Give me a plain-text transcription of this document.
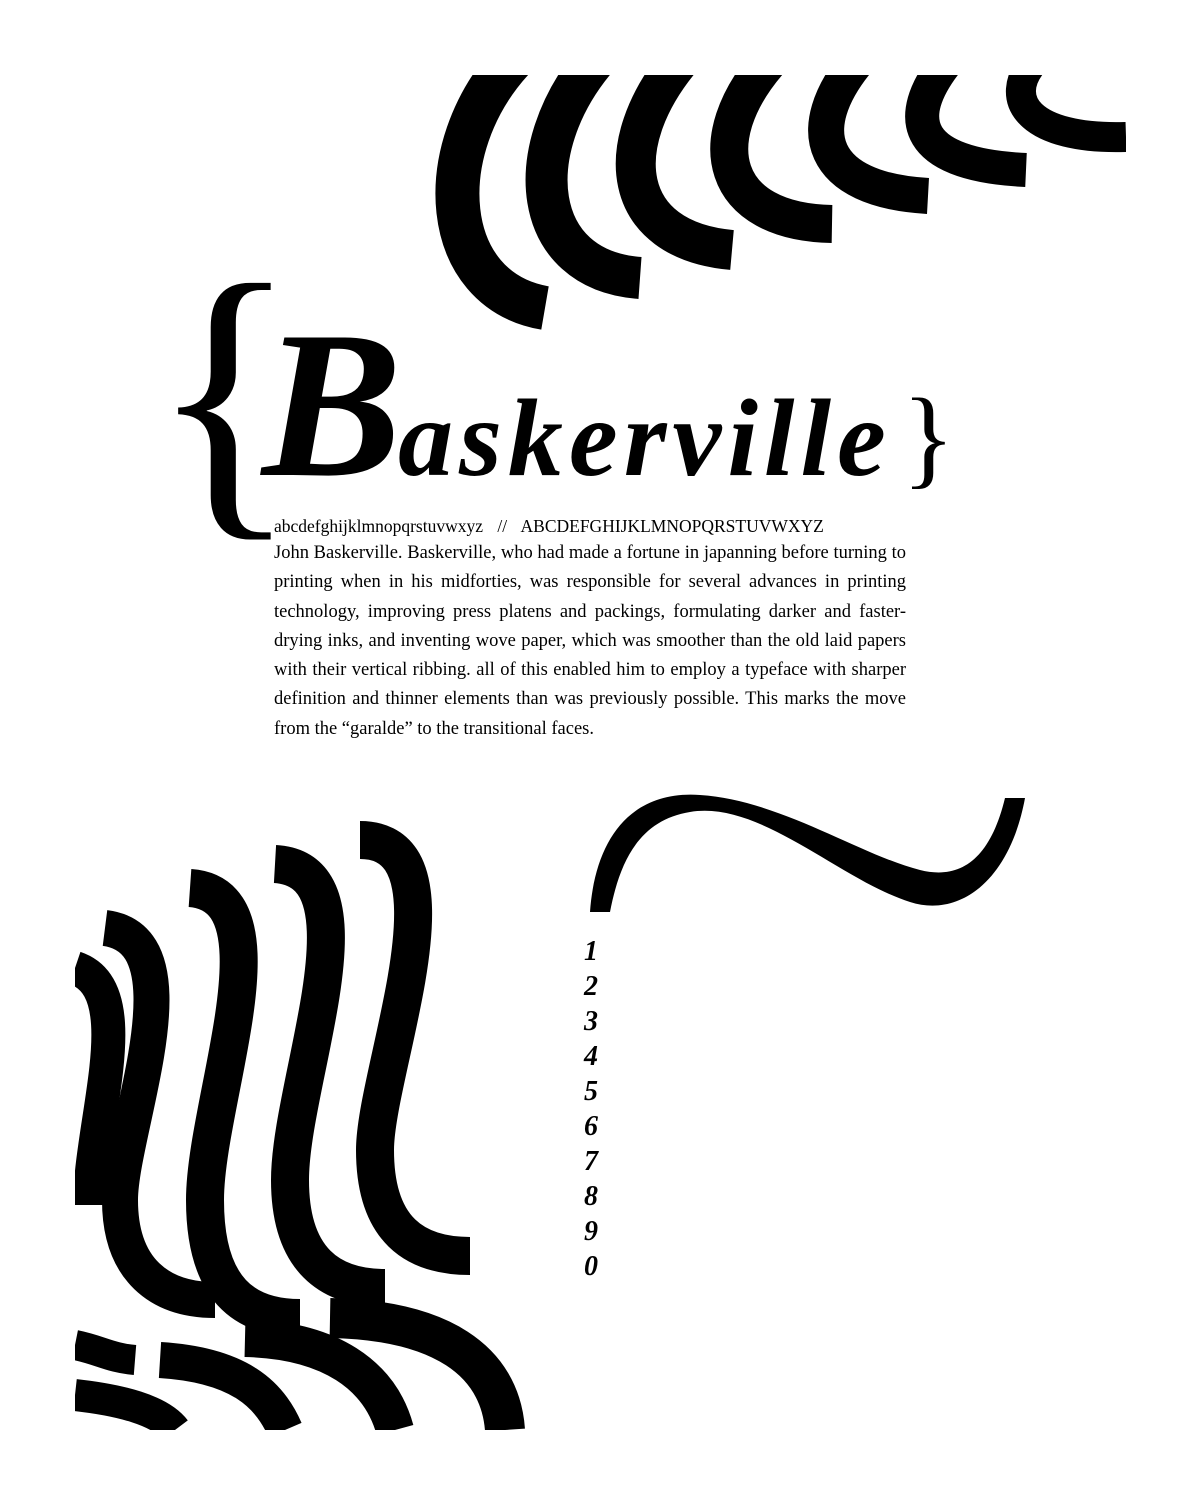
{
Baskerville }
abcdefghijklmnopqrstuvwxyz // ABCDEFGHIJKLMNOPQRSTUVWXYZ

John Baskerville. Baskerville, who had made a fortune in japanning before turning to printing when in his midforties, was responsible for several advances in printing technology, improving press platens and packings, formulating darker and faster-drying inks, and inventing wove paper, which was smoother than the old laid papers with their vertical ribbing. all of this enabled him to employ a typeface with sharper definition and thinner elements than was previously possible. This marks the move from the “garalde” to the transitional faces.

1
2
3
4
5
6
7
8
9
0
